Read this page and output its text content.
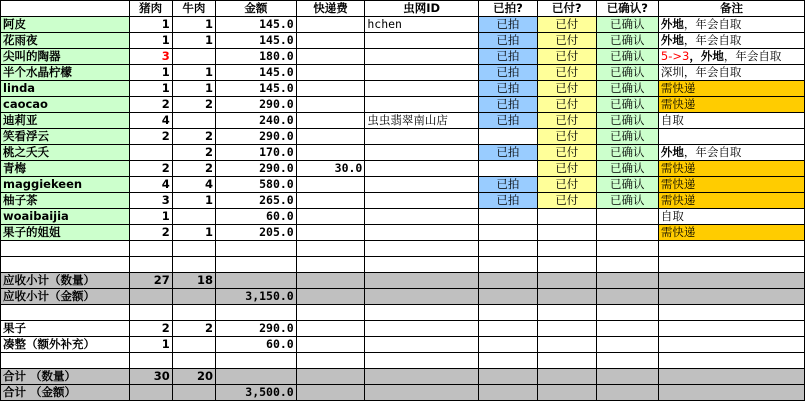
	猪肉	牛肉	金额	快递费	虫网ID	已拍?	已付?	已确认?	备注
阿皮	1	1	145.0		hchen	已拍	已付	已确认	外地，年会自取
花雨夜	1	1	145.0			已拍	已付	已确认	外地，年会自取
尖叫的陶器	3		180.0			已拍	已付	已确认	5->3，外地，年会自取
半个水晶柠檬	1	1	145.0			已拍	已付	已确认	深圳，年会自取
linda	1	1	145.0			已拍	已付	已确认	需快递
caocao	2	2	290.0			已拍	已付	已确认	需快递
迪莉亚	4		240.0		虫虫翡翠南山店	已拍	已付	已确认	自取
笑看浮云	2	2	290.0				已付	已确认	
桃之夭夭		2	170.0			已拍	已付	已确认	外地，年会自取
青梅	2	2	290.0	30.0			已付	已确认	需快递
maggiekeen	4	4	580.0			已拍	已付	已确认	需快递
柚子茶	3	1	265.0			已拍	已付	已确认	需快递
woaibaijia	1		60.0						自取
果子的姐姐	2	1	205.0						需快递

应收小计（数量）	27	18							
应收小计（金额）			3,150.0						

果子	2	2	290.0						
凑整（额外补充）	1		60.0						

合计 （数量）	30	20							
合计 （金额）			3,500.0						
